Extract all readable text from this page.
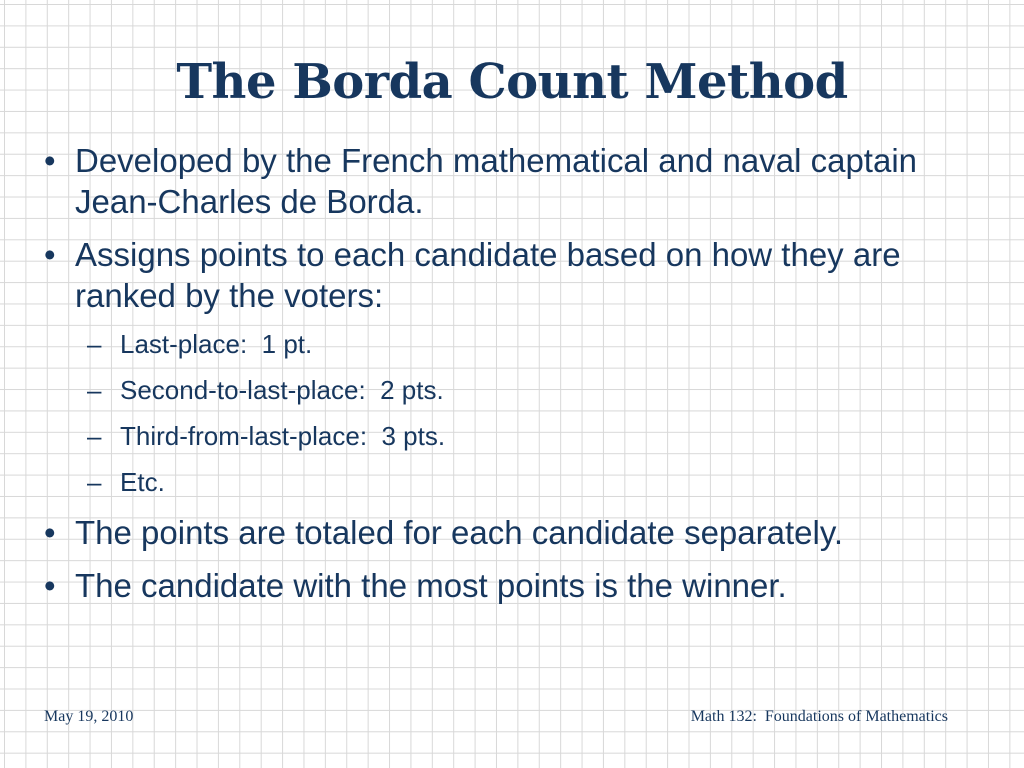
The Borda Count Method
• Developed by the French mathematical and naval captain Jean-Charles de Borda.
• Assigns points to each candidate based on how they are ranked by the voters:
– Last-place:  1 pt.
– Second-to-last-place:  2 pts.
– Third-from-last-place:  3 pts.
– Etc.
• The points are totaled for each candidate separately.
• The candidate with the most points is the winner.
May 19, 2010	Math 132:  Foundations of Mathematics
